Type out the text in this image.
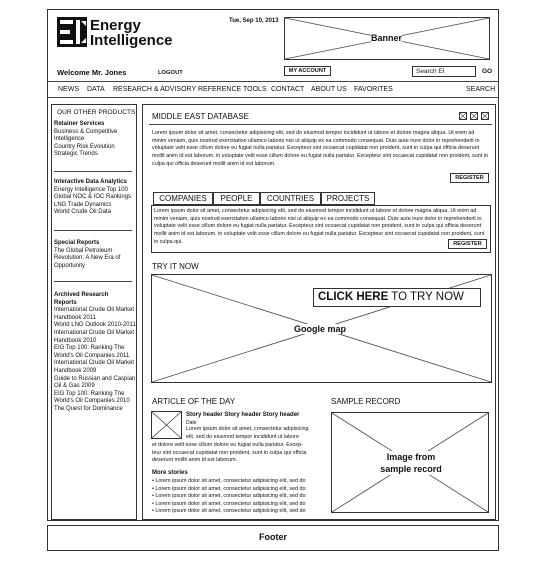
Energy
Intelligence
Tue, Sep 10, 2013
Banner
Welcome Mr. Jones	LOGOUT	MY ACCOUNT	Search EI	GO
NEWS DATA RESEARCH & ADVISORY REFERENCE TOOLS CONTACT ABOUT US FAVORITES	SEARCH
OUR OTHER PRODUCTS
Retainer Services
Business & Competitive
Intelligence
Country Risk Evolution
Strategic Trends
Interactive Data Analytics
Energy Intelligence Top 100
Global NOC & IOC Rankings
LNG Trade Dynamics
World Crude Oil Data
Special Reports
The Global Petroleum
Revolution: A New Era of
Opportunity
Archived Research Reports
International Crude Oil Market
Handbook 2011
World LNG Outlook 2010-2011
International Crude Oil Market
Handbook 2010
EIG Top 100: Ranking The
World's Oil Companies 2011
International Crude Oil Market
Handbook 2009
Guide to Russian and Caspian
Oil & Gas 2009
EIG Top 100: Ranking The
World's Oil Companies 2010
The Quest for Dominance
MIDDLE EAST DATABASE
Lorem ipsum dolor sit amet, consectetur adipisicing elit, sed do eiusmod tempor incididunt ut labore et dolore magna aliqua. Ut enim ad minim veniam, quis nostrud exercitation ullamco laboris nisi ut aliquip ex ea commodo consequat. Duis aute irure dolor in reprehenderit in voluptate velit esse cillum dolore eu fugiat nulla pariatur. Excepteur sint occaecat cupidatat non proident, sunt in culpa qui officia deserunt mollit anim id est laborum. in voluptate velit esse cillum dolore eu fugiat nulla pariatur. Excepteur sint occaecat cupidatat non proident, sunt in culpa qui officia deserunt mollit anim id est laborum.
REGISTER
COMPANIES	PEOPLE	COUNTRIES	PROJECTS
Lorem ipsum dolor sit amet, consectetur adipisicing elit, sed do eiusmod tempor incididunt ut labore et dolore magna aliqua. Ut enim ad minim veniam, quis nostrud exercitation ullamco laboris nisi ut aliquip ex ea commodo consequat. Duis aute irure dolor in reprehenderit in voluptate velit esse cillum dolore eu fugiat nulla pariatur. Excepteur sint occaecat cupidatat non proident, sunt in culpa qui officia deserunt mollit anim id est laborum. in voluptate velit esse cillum dolore eu fugiat nulla pariatur. Excepteur sint occaecat cupidatat non proident, sunt in culpa qui.	REGISTER
TRY IT NOW
Google map
CLICK HERE TO TRY NOW
ARTICLE OF THE DAY
Story header Story header Story header
Date
Lorem ipsum dolor sit amet, consectetur adipisicing
elit, sed do eiusmod tempor incididunt ut labore
et dolore velit esse cillum dolore eu fugiat nulla pariatur. Excep-
teur sint occaecat cupidatat non proident, sunt in culpa qui officia
deserunt mollit anim id est laborum.
More stories
• Lorem ipsum dolor sit amet, consectetur adipisicing elit, sed do
• Lorem ipsum dolor sit amet, consectetur adipisicing elit, sed do
• Lorem ipsum dolor sit amet, consectetur adipisicing elit, sed do
• Lorem ipsum dolor sit amet, consectetur adipisicing elit, sed do
• Lorem ipsum dolor sit amet, consectetur adipisicing elit, sed do
SAMPLE RECORD
Image from
sample record
Footer
